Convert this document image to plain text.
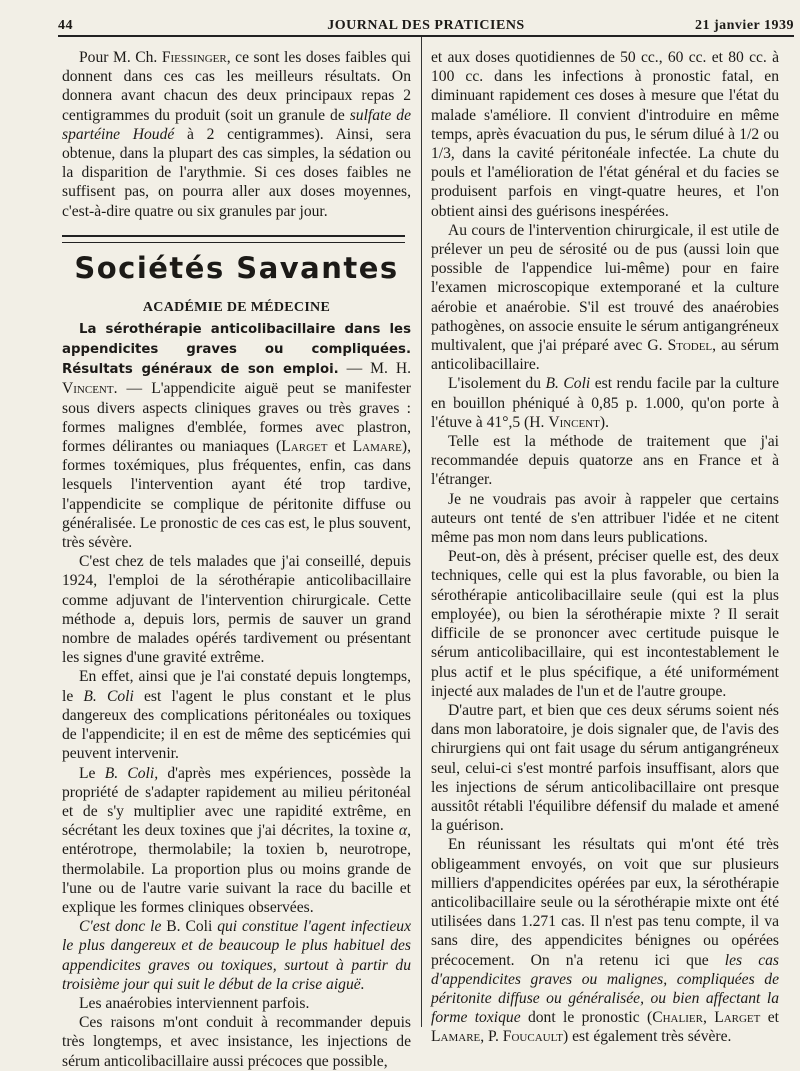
44	JOURNAL DES PRATICIENS	21 janvier 1939

Pour M. Ch. Fiessinger, ce sont les doses faibles qui donnent dans ces cas les meilleurs résultats. On donnera avant chacun des deux principaux repas 2 centigrammes du produit (soit un granule de sulfate de spartéine Houdé à 2 centigrammes). Ainsi, sera obtenue, dans la plupart des cas simples, la sédation ou la disparition de l'arythmie. Si ces doses faibles ne suffisent pas, on pourra aller aux doses moyennes, c'est-à-dire quatre ou six granules par jour.

Sociétés Savantes
ACADÉMIE DE MÉDECINE

La sérothérapie anticolibacillaire dans les appendicites graves ou compliquées. Résultats généraux de son emploi. — M. H. Vincent. — L'appendicite aiguë peut se manifester sous divers aspects cliniques graves ou très graves : formes malignes d'emblée, formes avec plastron, formes délirantes ou maniaques (Larget et Lamare), formes toxémiques, plus fréquentes, enfin, cas dans lesquels l'intervention ayant été trop tardive, l'appendicite se complique de péritonite diffuse ou généralisée. Le pronostic de ces cas est, le plus souvent, très sévère.

C'est chez de tels malades que j'ai conseillé, depuis 1924, l'emploi de la sérothérapie anticolibacillaire comme adjuvant de l'intervention chirurgicale. Cette méthode a, depuis lors, permis de sauver un grand nombre de malades opérés tardivement ou présentant les signes d'une gravité extrême.

En effet, ainsi que je l'ai constaté depuis longtemps, le B. Coli est l'agent le plus constant et le plus dangereux des complications péritonéales ou toxiques de l'appendicite; il en est de même des septicémies qui peuvent intervenir.

Le B. Coli, d'après mes expériences, possède la propriété de s'adapter rapidement au milieu péritonéal et de s'y multiplier avec une rapidité extrême, en sécrétant les deux toxines que j'ai décrites, la toxine α, entérotrope, thermolabile; la toxien b, neurotrope, thermolabile. La proportion plus ou moins grande de l'une ou de l'autre varie suivant la race du bacille et explique les formes cliniques observées.

C'est donc le B. Coli qui constitue l'agent infectieux le plus dangereux et de beaucoup le plus habituel des appendicites graves ou toxiques, surtout à partir du troisième jour qui suit le début de la crise aiguë.

Les anaérobies interviennent parfois.

Ces raisons m'ont conduit à recommander depuis très longtemps, et avec insistance, les injections de sérum anticolibacillaire aussi précoces que possible,

et aux doses quotidiennes de 50 cc., 60 cc. et 80 cc. à 100 cc. dans les infections à pronostic fatal, en diminuant rapidement ces doses à mesure que l'état du malade s'améliore. Il convient d'introduire en même temps, après évacuation du pus, le sérum dilué à 1/2 ou 1/3, dans la cavité péritonéale infectée. La chute du pouls et l'amélioration de l'état général et du facies se produisent parfois en vingt-quatre heures, et l'on obtient ainsi des guérisons inespérées.

Au cours de l'intervention chirurgicale, il est utile de prélever un peu de sérosité ou de pus (aussi loin que possible de l'appendice lui-même) pour en faire l'examen microscopique extemporané et la culture aérobie et anaérobie. S'il est trouvé des anaérobies pathogènes, on associe ensuite le sérum antigangréneux multivalent, que j'ai préparé avec G. Stodel, au sérum anticolibacillaire.

L'isolement du B. Coli est rendu facile par la culture en bouillon phéniqué à 0,85 p. 1.000, qu'on porte à l'étuve à 41°,5 (H. Vincent).

Telle est la méthode de traitement que j'ai recommandée depuis quatorze ans en France et à l'étranger.

Je ne voudrais pas avoir à rappeler que certains auteurs ont tenté de s'en attribuer l'idée et ne citent même pas mon nom dans leurs publications.

Peut-on, dès à présent, préciser quelle est, des deux techniques, celle qui est la plus favorable, ou bien la sérothérapie anticolibacillaire seule (qui est la plus employée), ou bien la sérothérapie mixte ? Il serait difficile de se prononcer avec certitude puisque le sérum anticolibacillaire, qui est incontestablement le plus actif et le plus spécifique, a été uniformément injecté aux malades de l'un et de l'autre groupe.

D'autre part, et bien que ces deux sérums soient nés dans mon laboratoire, je dois signaler que, de l'avis des chirurgiens qui ont fait usage du sérum antigangréneux seul, celui-ci s'est montré parfois insuffisant, alors que les injections de sérum anticolibacillaire ont presque aussitôt rétabli l'équilibre défensif du malade et amené la guérison.

En réunissant les résultats qui m'ont été très obligeamment envoyés, on voit que sur plusieurs milliers d'appendicites opérées par eux, la sérothérapie anticolibacillaire seule ou la sérothérapie mixte ont été utilisées dans 1.271 cas. Il n'est pas tenu compte, il va sans dire, des appendicites bénignes ou opérées précocement. On n'a retenu ici que les cas d'appendicites graves ou malignes, compliquées de péritonite diffuse ou généralisée, ou bien affectant la forme toxique dont le pronostic (Chalier, Larget et Lamare, P. Foucault) est également très sévère.
